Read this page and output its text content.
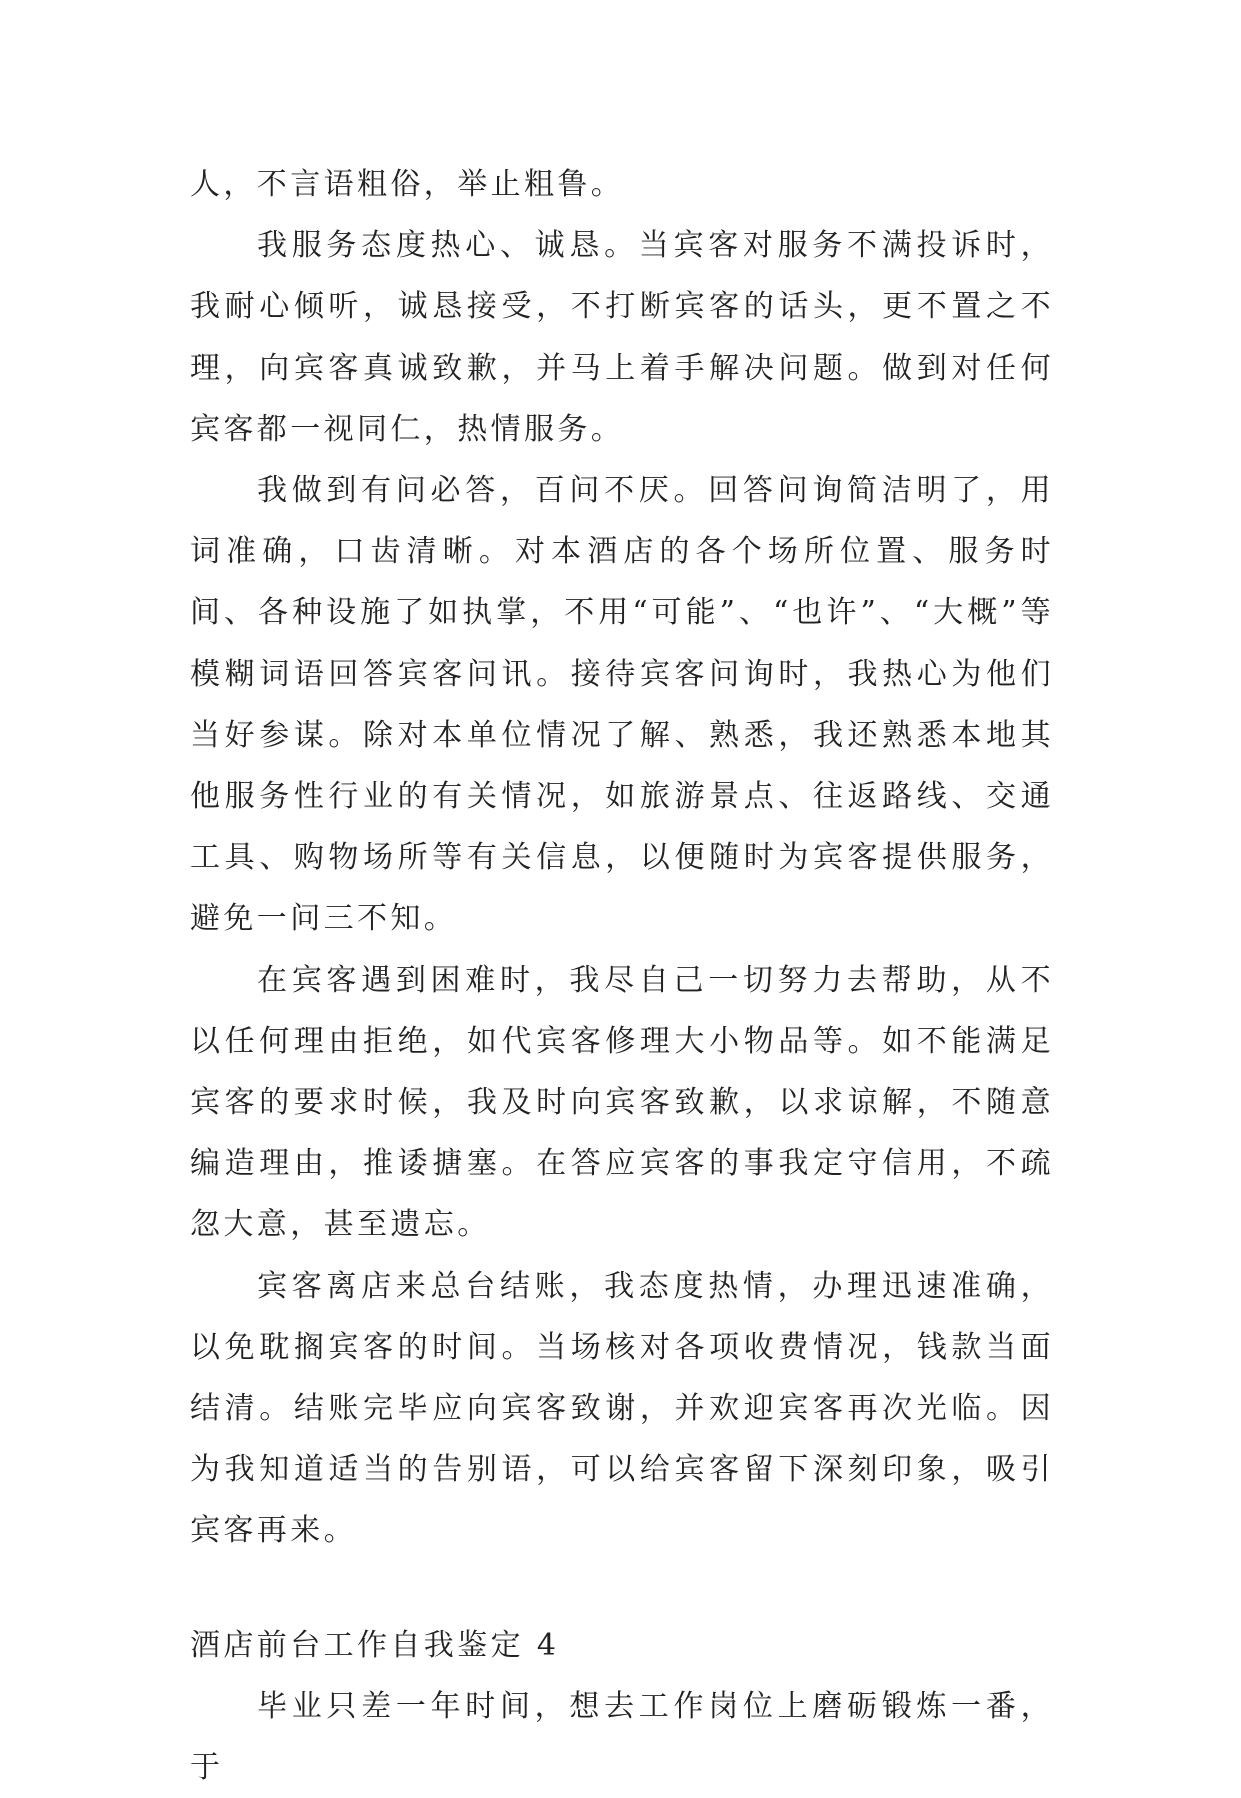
人，不言语粗俗，举止粗鲁。

我服务态度热心、诚恳。当宾客对服务不满投诉时，我耐心倾听，诚恳接受，不打断宾客的话头，更不置之不理，向宾客真诚致歉，并马上着手解决问题。做到对任何宾客都一视同仁，热情服务。

我做到有问必答，百问不厌。回答问询简洁明了，用词准确，口齿清晰。对本酒店的各个场所位置、服务时间、各种设施了如执掌，不用“可能”、“也许”、“大概”等模糊词语回答宾客问讯。接待宾客问询时，我热心为他们当好参谋。除对本单位情况了解、熟悉，我还熟悉本地其他服务性行业的有关情况，如旅游景点、往返路线、交通工具、购物场所等有关信息，以便随时为宾客提供服务，避免一问三不知。

在宾客遇到困难时，我尽自己一切努力去帮助，从不以任何理由拒绝，如代宾客修理大小物品等。如不能满足宾客的要求时候，我及时向宾客致歉，以求谅解，不随意编造理由，推诿搪塞。在答应宾客的事我定守信用，不疏忽大意，甚至遗忘。

宾客离店来总台结账，我态度热情，办理迅速准确，以免耽搁宾客的时间。当场核对各项收费情况，钱款当面结清。结账完毕应向宾客致谢，并欢迎宾客再次光临。因为我知道适当的告别语，可以给宾客留下深刻印象，吸引宾客再来。

酒店前台工作自我鉴定 4

毕业只差一年时间，想去工作岗位上磨砺锻炼一番，于
